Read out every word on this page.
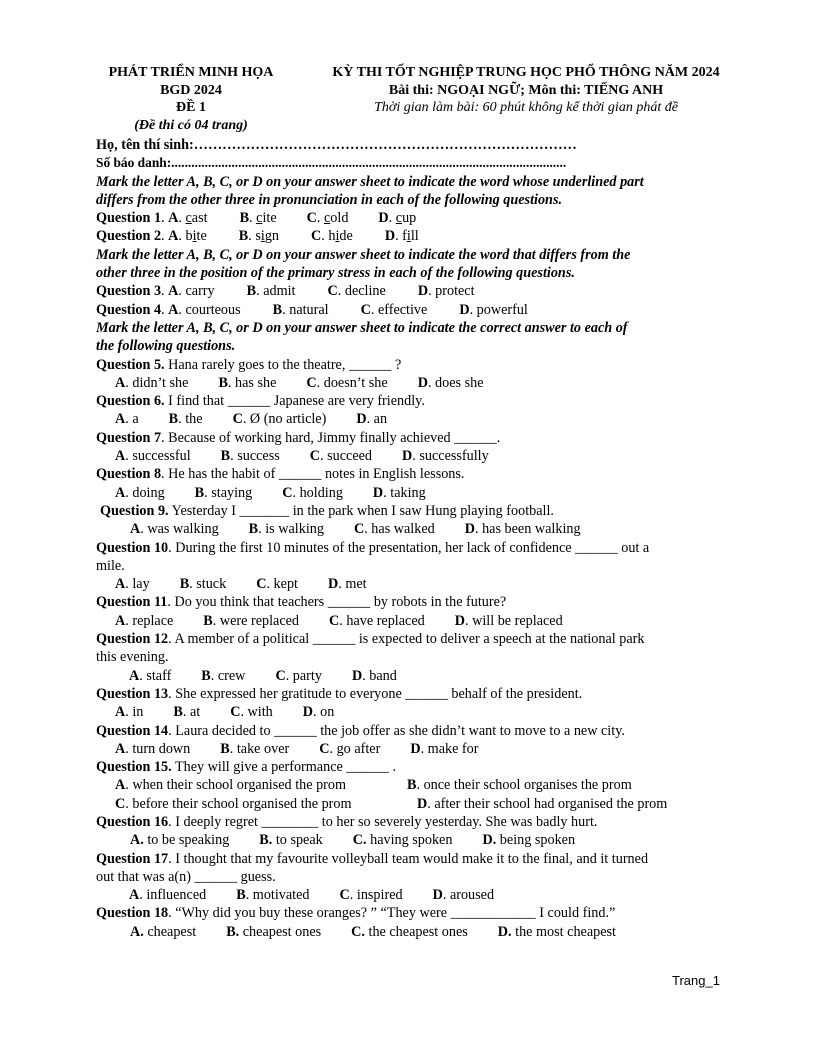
PHÁT TRIỂN MINH HỌA
BGD 2024
ĐỀ 1
(Đề thi có 04 trang)
KỲ THI TỐT NGHIỆP TRUNG HỌC PHỔ THÔNG NĂM 2024
Bài thi: NGOẠI NGỮ; Môn thi: TIẾNG ANH
Thời gian làm bài: 60 phút không kể thời gian phát đề
Họ, tên thí sinh:………………………………………………………………………
Số báo danh:......................................................................................................................
Mark the letter A, B, C, or D on your answer sheet to indicate the word whose underlined part
differs from the other three in pronunciation in each of the following questions.
Question 1. A. cast B. cite C. cold D. cup
Question 2. A. bite B. sign C. hide D. fill
Mark the letter A, B, C, or D on your answer sheet to indicate the word that differs from the
other three in the position of the primary stress in each of the following questions.
Question 3. A. carry B. admit C. decline D. protect
Question 4. A. courteous B. natural C. effective D. powerful
Mark the letter A, B, C, or D on your answer sheet to indicate the correct answer to each of
the following questions.
Question 5. Hana rarely goes to the theatre, ______ ?
A. didn’t she B. has she C. doesn’t she D. does she
Question 6. I find that ______ Japanese are very friendly.
A. a B. the C. Ø (no article) D. an
Question 7. Because of working hard, Jimmy finally achieved ______.
A. successful B. success C. succeed D. successfully
Question 8. He has the habit of ______ notes in English lessons.
A. doing B. staying C. holding D. taking
Question 9. Yesterday I _______ in the park when I saw Hung playing football.
A. was walking B. is walking C. has walked D. has been walking
Question 10. During the first 10 minutes of the presentation, her lack of confidence ______ out a
mile.
A. lay B. stuck C. kept D. met
Question 11. Do you think that teachers ______ by robots in the future?
A. replace B. were replaced C. have replaced D. will be replaced
Question 12. A member of a political ______ is expected to deliver a speech at the national park
this evening.
A. staff B. crew C. party D. band
Question 13. She expressed her gratitude to everyone ______ behalf of the president.
A. in B. at C. with D. on
Question 14. Laura decided to ______ the job offer as she didn’t want to move to a new city.
A. turn down B. take over C. go after D. make for
Question 15. They will give a performance ______ .
A. when their school organised the prom	B. once their school organises the prom
C. before their school organised the prom	D. after their school had organised the prom
Question 16. I deeply regret ________ to her so severely yesterday. She was badly hurt.
A. to be speaking B. to speak C. having spoken D. being spoken
Question 17. I thought that my favourite volleyball team would make it to the final, and it turned
out that was a(n) ______ guess.
A. influenced B. motivated C. inspired D. aroused
Question 18. “Why did you buy these oranges? ” “They were ____________ I could find.”
A. cheapest B. cheapest ones C. the cheapest ones D. the most cheapest
Trang_1
